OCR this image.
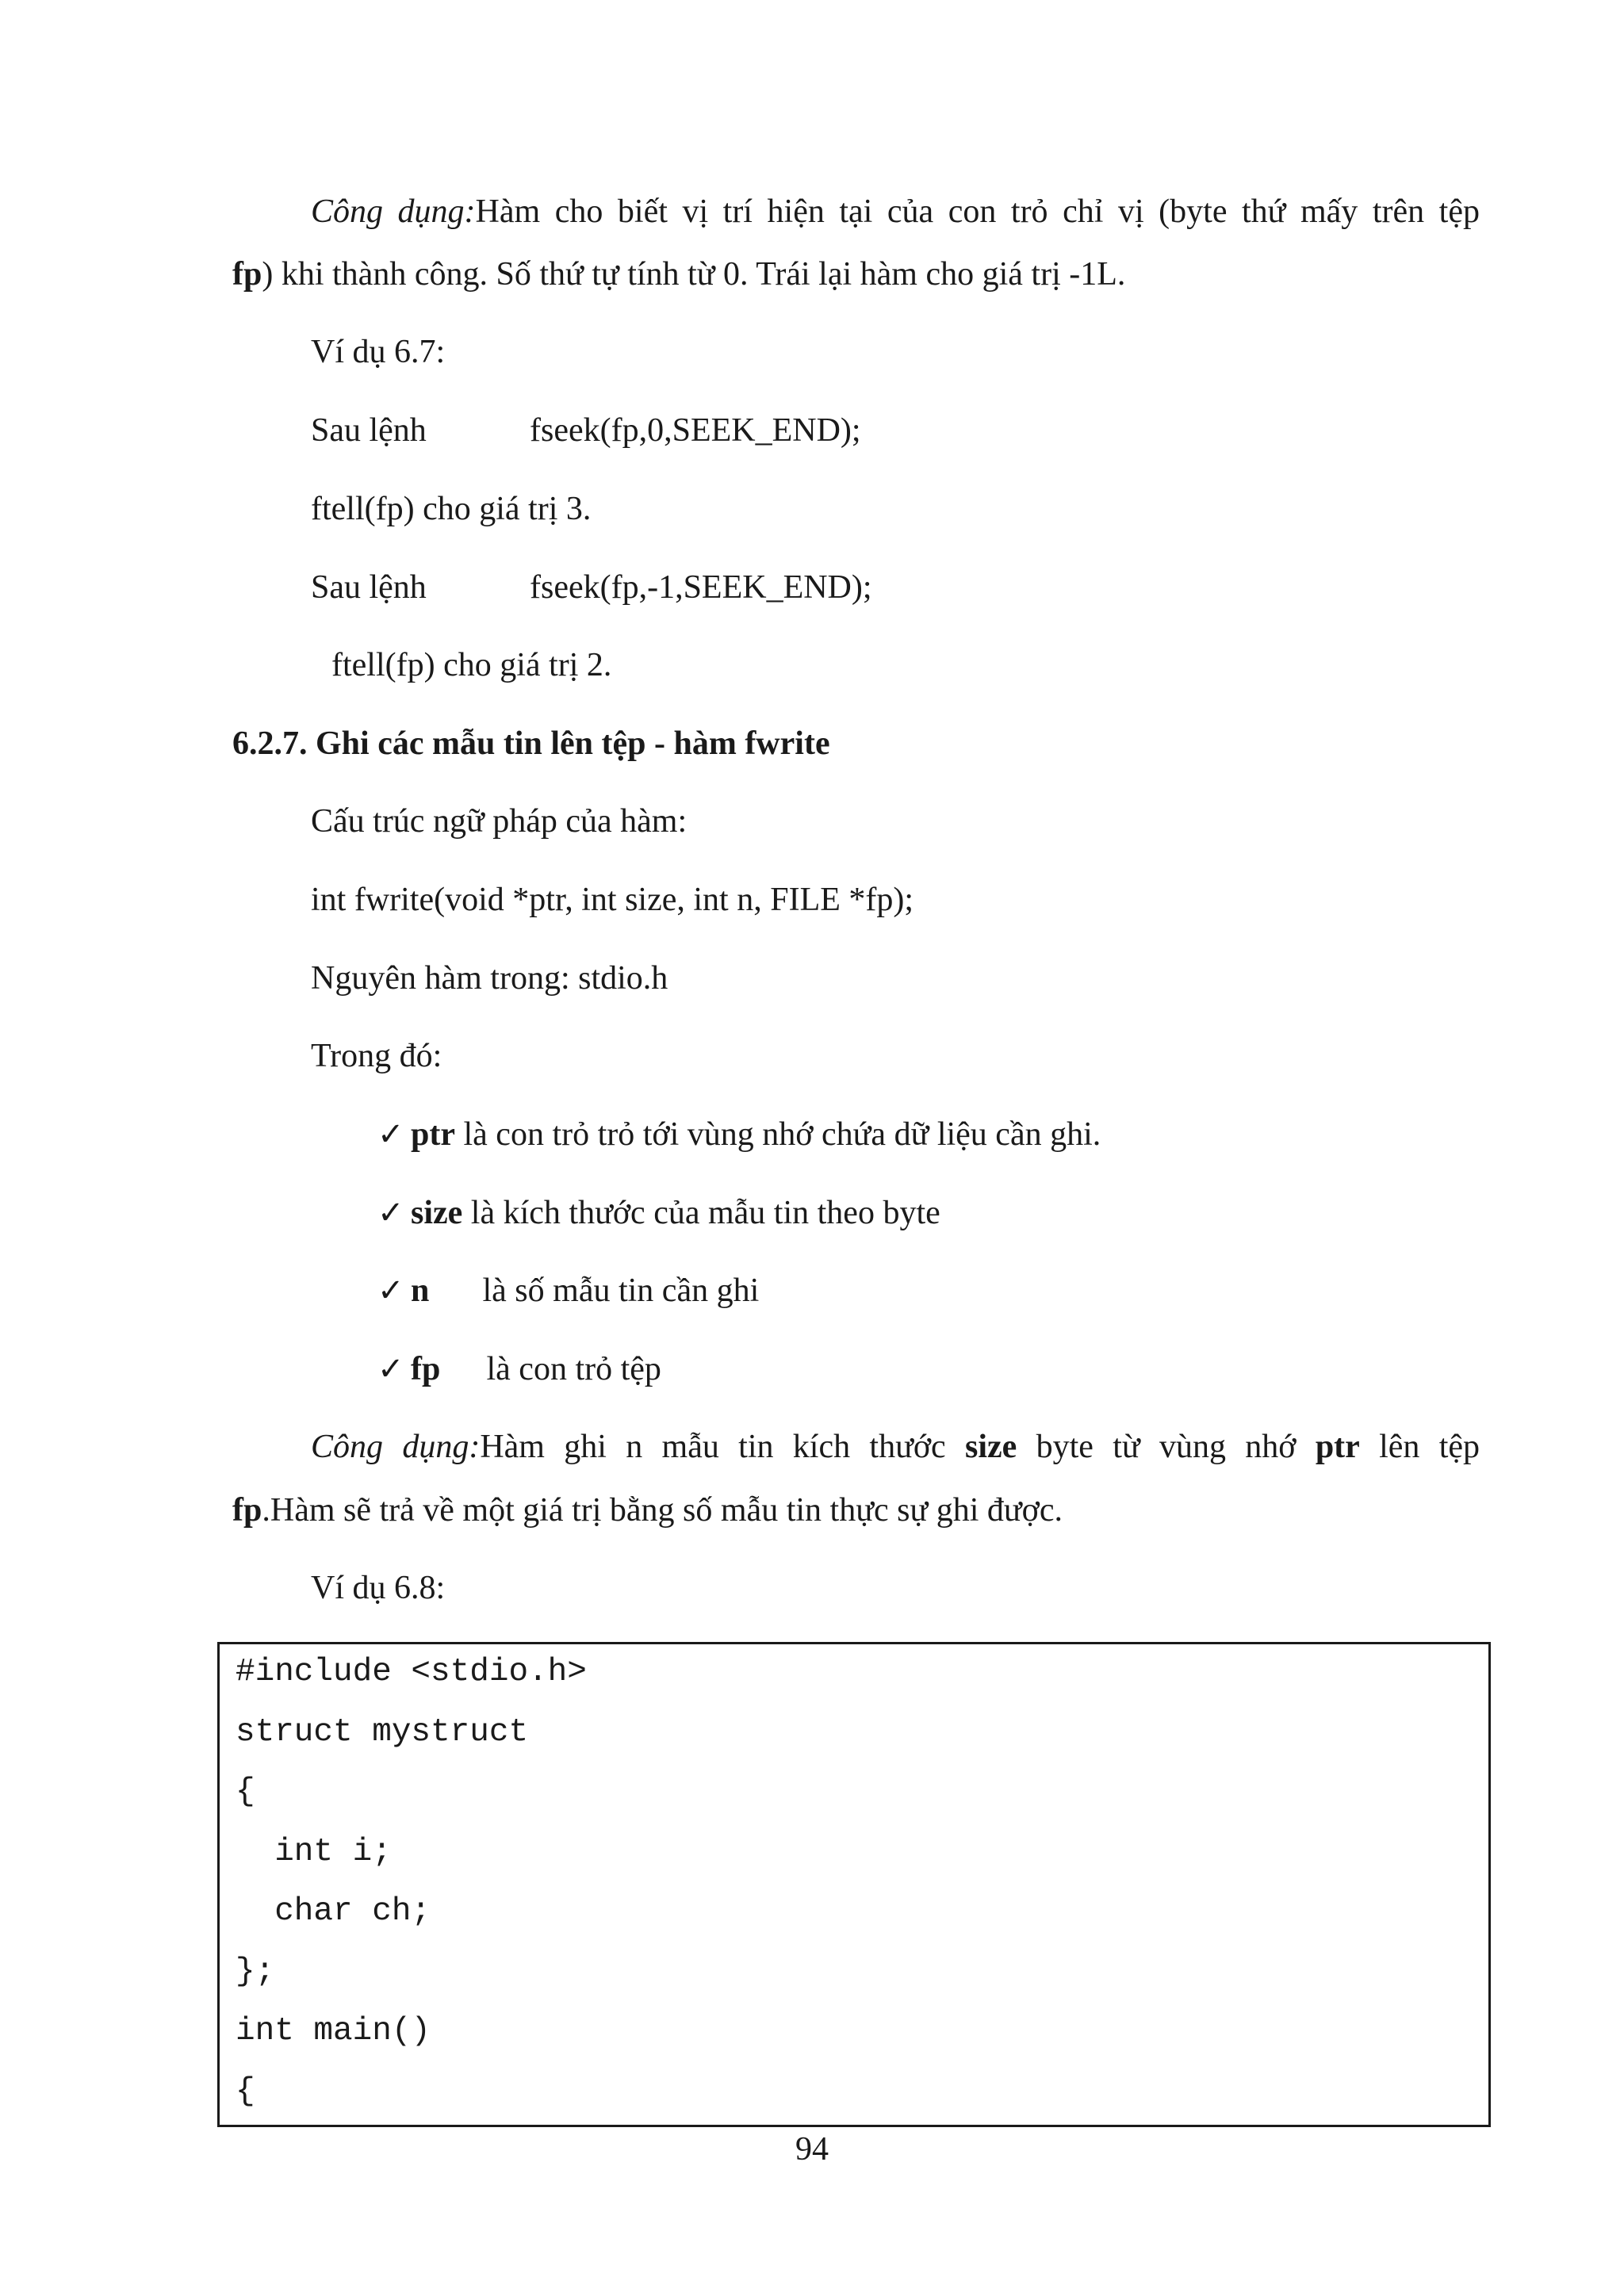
Công dụng:Hàm cho biết vị trí hiện tại của con trỏ chỉ vị (byte thứ mấy trên tệp
fp) khi thành công. Số thứ tự tính từ 0. Trái lại hàm cho giá trị -1L.
Ví dụ 6.7:
Sau lệnh	fseek(fp,0,SEEK_END);
ftell(fp) cho giá trị 3.
Sau lệnh	fseek(fp,-1,SEEK_END);
ftell(fp) cho giá trị 2.
6.2.7. Ghi các mẫu tin lên tệp - hàm fwrite
Cấu trúc ngữ pháp của hàm:
int fwrite(void *ptr, int size, int n, FILE *fp);
Nguyên hàm trong: stdio.h
Trong đó:
✓ ptr là con trỏ trỏ tới vùng nhớ chứa dữ liệu cần ghi.
✓ size là kích thước của mẫu tin theo byte
✓ n là số mẫu tin cần ghi
✓ fp là con trỏ tệp
Công dụng:Hàm ghi n mẫu tin kích thước size byte từ vùng nhớ ptr lên tệp
fp.Hàm sẽ trả về một giá trị bằng số mẫu tin thực sự ghi được.
Ví dụ 6.8:
#include <stdio.h>
struct mystruct
{
int i;
char ch;
};
int main()
{
94
